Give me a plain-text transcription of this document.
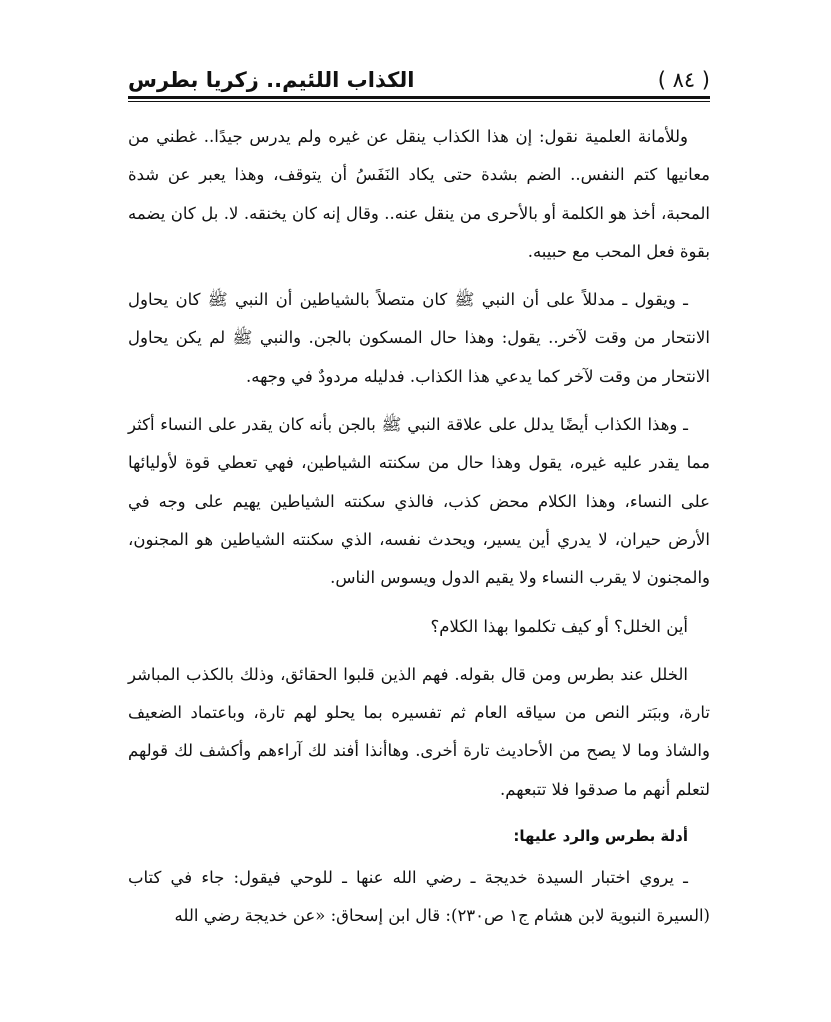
الكذاب اللئيم.. زكريا بطرس	( ٨٤ )

وللأمانة العلمية نقول: إن هذا الكذاب ينقل عن غيره ولم يدرس جيدًا.. غطني من معانيها كتم النفس.. الضم بشدة حتى يكاد النَفَسُ أن يتوقف، وهذا يعبر عن شدة المحبة، أخذ هو الكلمة أو بالأحرى من ينقل عنه.. وقال إنه كان يخنقه. لا. بل كان يضمه بقوة فعل المحب مع حبيبه.

ـ ويقول ـ مدللاً على أن النبي ﷺ كان متصلاً بالشياطين أن النبي ﷺ كان يحاول الانتحار من وقت لآخر.. يقول: وهذا حال المسكون بالجن. والنبي ﷺ لم يكن يحاول الانتحار من وقت لآخر كما يدعي هذا الكذاب. فدليله مردودٌ في وجهه.

ـ وهذا الكذاب أيضًا يدلل على علاقة النبي ﷺ بالجن بأنه كان يقدر على النساء أكثر مما يقدر عليه غيره، يقول وهذا حال من سكنته الشياطين، فهي تعطي قوة لأوليائها على النساء، وهذا الكلام محض كذب، فالذي سكنته الشياطين يهيم على وجه في الأرض حيران، لا يدري أين يسير، ويحدث نفسه، الذي سكنته الشياطين هو المجنون، والمجنون لا يقرب النساء ولا يقيم الدول ويسوس الناس.

أين الخلل؟ أو كيف تكلموا بهذا الكلام؟

الخلل عند بطرس ومن قال بقوله. فهم الذين قلبوا الحقائق، وذلك بالكذب المباشر تارة، وببَتر النص من سياقه العام ثم تفسيره بما يحلو لهم تارة، وباعتماد الضعيف والشاذ وما لا يصح من الأحاديث تارة أخرى. وهاأنذا أفند لك آراءهم وأكشف لك قولهم لتعلم أنهم ما صدقوا فلا تتبعهم.

أدلة بطرس والرد عليها:

ـ يروي اختبار السيدة خديجة ـ رضي الله عنها ـ للوحي فيقول: جاء في كتاب (السيرة النبوية لابن هشام ج١ ص٢٣٠): قال ابن إسحاق: «عن خديجة رضي الله
